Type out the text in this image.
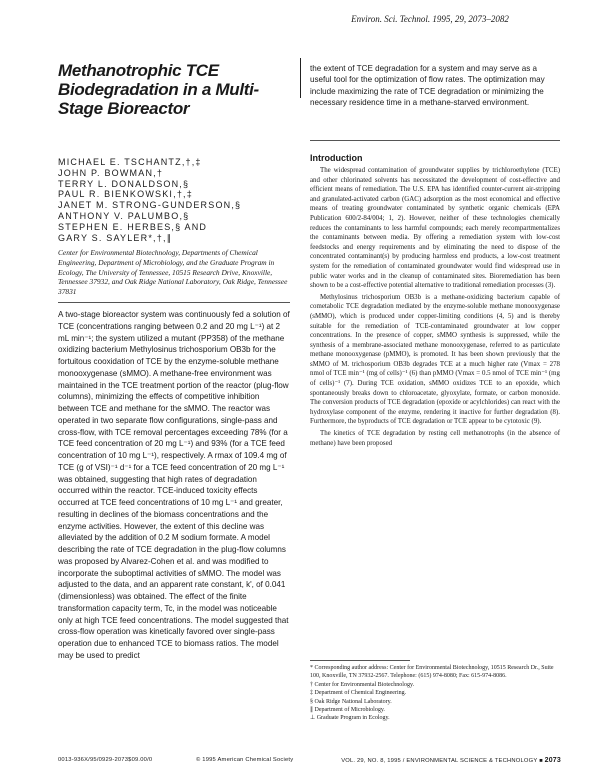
Environ. Sci. Technol. 1995, 29, 2073–2082
Methanotrophic TCE Biodegradation in a Multi-Stage Bioreactor
MICHAEL E. TSCHANTZ,†,‡
JOHN P. BOWMAN,†
TERRY L. DONALDSON,§
PAUL R. BIENKOWSKI,†,‡
JANET M. STRONG-GUNDERSON,§
ANTHONY V. PALUMBO,§
STEPHEN E. HERBES,§ AND
GARY S. SAYLER*,†,∥
Center for Environmental Biotechnology, Departments of Chemical Engineering, Department of Microbiology, and the Graduate Program in Ecology, The University of Tennessee, 10515 Research Drive, Knoxville, Tennessee 37932, and Oak Ridge National Laboratory, Oak Ridge, Tennessee 37831

A two-stage bioreactor system was continuously fed a solution of TCE (concentrations ranging between 0.2 and 20 mg L⁻¹) at 2 mL min⁻¹; the system utilized a mutant (PP358) of the methane oxidizing bacterium Methylosinus trichosporium OB3b for the fortuitous cooxidation of TCE by the enzyme-soluble methane monooxygenase (sMMO). A methane-free environment was maintained in the TCE treatment portion of the reactor (plug-flow columns), minimizing the effects of competitive inhibition between TCE and methane for the sMMO. The reactor was operated in two separate flow configurations, single-pass and cross-flow, with TCE removal percentages exceeding 78% (for a TCE feed concentration of 20 mg L⁻¹) and 93% (for a TCE feed concentration of 10 mg L⁻¹), respectively. A rmax of 109.4 mg of TCE (g of VSI)⁻¹ d⁻¹ for a TCE feed concentration of 20 mg L⁻¹ was obtained, suggesting that high rates of degradation occurred within the reactor. TCE-induced toxicity effects occurred at TCE feed concentrations of 10 mg L⁻¹ and greater, resulting in declines of the biomass concentrations and the enzyme activities. However, the extent of this decline was alleviated by the addition of 0.2 M sodium formate. A model describing the rate of TCE degradation in the plug-flow columns was proposed by Alvarez-Cohen et al. and was modified to incorporate the suboptimal activities of sMMO. The model was adjusted to the data, and an apparent rate constant, k', of 0.041 (dimensionless) was obtained. The effect of the finite transformation capacity term, Tc, in the model was noticeable only at high TCE feed concentrations. The model suggested that cross-flow operation was kinetically favored over single-pass operation due to enhanced TCE to biomass ratios. The model may be used to predict

the extent of TCE degradation for a system and may serve as a useful tool for the optimization of flow rates. The optimization may include maximizing the rate of TCE degradation or minimizing the necessary residence time in a methane-starved environment.

Introduction

The widespread contamination of groundwater supplies by trichloroethylene (TCE) and other chlorinated solvents has necessitated the development of cost-effective and efficient means of remediation. The U.S. EPA has identified counter-current air-stripping and granulated-activated carbon (GAC) adsorption as the most economical and effective means of treating groundwater contaminated by synthetic organic chemicals (EPA Publication 600/2-84/004; 1, 2). However, neither of these technologies chemically reduces the contaminants to less harmful compounds; each merely recompartmentalizes the contaminants between media. By offering a remediation system with low-cost feedstocks and energy requirements and by eliminating the need to dispose of the concentrated contaminant(s) by producing harmless end products, a low-cost treatment system for the remediation of contaminated groundwater would find widespread use in public water works and in the cleanup of contaminated sites. Bioremediation has been shown to be a cost-effective potential alternative to traditional remediation processes (3).

Methylosinus trichosporium OB3b is a methane-oxidizing bacterium capable of cometabolic TCE degradation mediated by the enzyme-soluble methane monooxygenase (sMMO), which is produced under copper-limiting conditions (4, 5) and is thereby suitable for the remediation of TCE-contaminated groundwater at low copper concentrations. In the presence of copper, sMMO synthesis is suppressed, while the synthesis of a membrane-associated methane monooxygenase, referred to as particulate methane monooxygenase (pMMO), is promoted. It has been shown previously that the sMMO of M. trichosporium OB3b degrades TCE at a much higher rate (Vmax = 278 nmol of TCE min⁻¹ (mg of cells)⁻¹ (6) than pMMO (Vmax = 0.5 nmol of TCE min⁻¹ (mg of cells)⁻¹ (7). During TCE oxidation, sMMO oxidizes TCE to an epoxide, which spontaneously breaks down to chloroacetate, glyoxylate, formate, or carbon monoxide. The conversion products of TCE degradation (epoxide or acylchlorides) can react with the hydroxylase component of the enzyme, rendering it inactive for further degradation (8). Furthermore, the byproducts of TCE degradation or TCE appear to be cytotoxic (9).

The kinetics of TCE degradation by resting cell methanotrophs (in the absence of methane) have been proposed

* Corresponding author address: Center for Environmental Biotechnology, 10515 Research Dr., Suite 100, Knoxville, TN 37932-2567. Telephone: (615) 974-8080; Fax: 615-974-8086.
† Center for Environmental Biotechnology.
‡ Department of Chemical Engineering.
§ Oak Ridge National Laboratory.
∥ Department of Microbiology.
⊥ Graduate Program in Ecology.
0013-936X/95/0929-2073$09.00/0	© 1995 American Chemical Society	VOL. 29, NO. 8, 1995 / ENVIRONMENTAL SCIENCE & TECHNOLOGY ■ 2073
